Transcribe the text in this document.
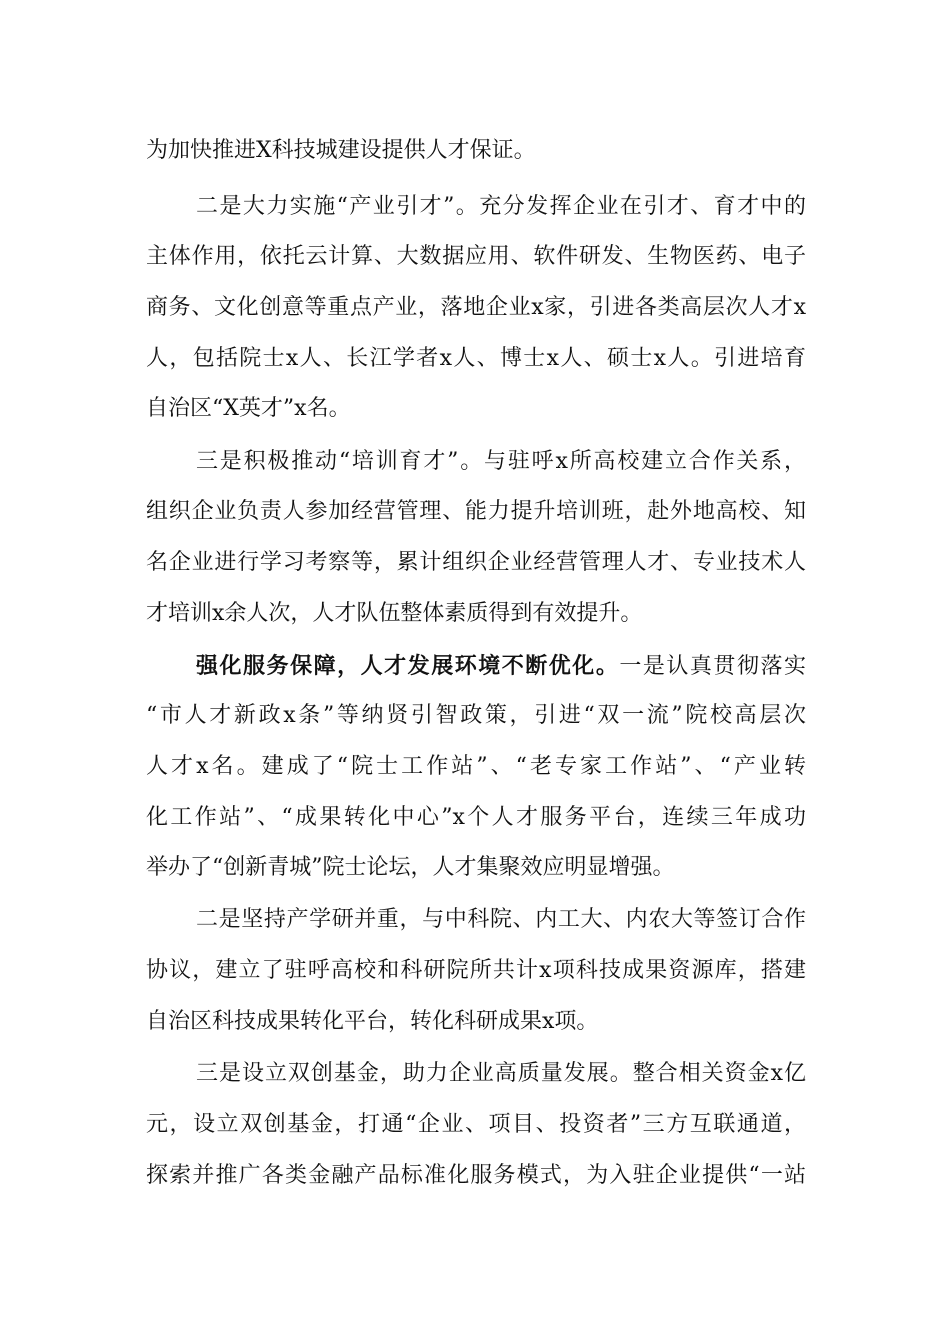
为加快推进X科技城建设提供人才保证。
二是大力实施“产业引才”。充分发挥企业在引才、育才中的
主体作用，依托云计算、大数据应用、软件研发、生物医药、电子
商务、文化创意等重点产业，落地企业x家，引进各类高层次人才x
人，包括院士x人、长江学者x人、博士x人、硕士x人。引进培育
自治区“X英才”x名。
三是积极推动“培训育才”。与驻呼x所高校建立合作关系，
组织企业负责人参加经营管理、能力提升培训班，赴外地高校、知
名企业进行学习考察等，累计组织企业经营管理人才、专业技术人
才培训x余人次，人才队伍整体素质得到有效提升。
强化服务保障，人才发展环境不断优化。一是认真贯彻落实
“市人才新政x条”等纳贤引智政策，引进“双一流”院校高层次
人才x名。建成了“院士工作站”、“老专家工作站”、“产业转
化工作站”、“成果转化中心”x个人才服务平台，连续三年成功
举办了“创新青城”院士论坛，人才集聚效应明显增强。
二是坚持产学研并重，与中科院、内工大、内农大等签订合作
协议，建立了驻呼高校和科研院所共计x项科技成果资源库，搭建
自治区科技成果转化平台，转化科研成果x项。
三是设立双创基金，助力企业高质量发展。整合相关资金x亿
元，设立双创基金，打通“企业、项目、投资者”三方互联通道，
探索并推广各类金融产品标准化服务模式，为入驻企业提供“一站
